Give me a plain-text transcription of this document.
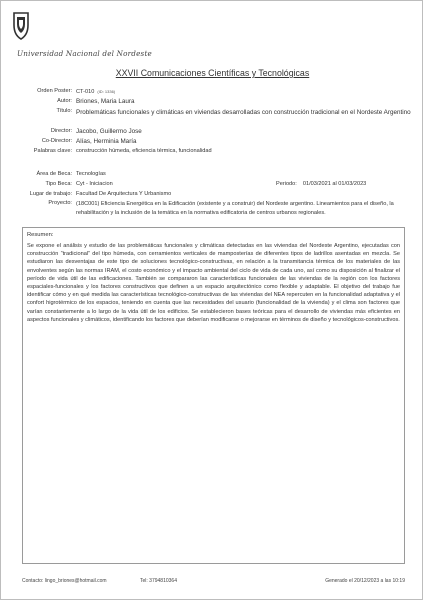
Universidad Nacional del Nordeste
XXVII Comunicaciones Científicas y Tecnológicas
Orden Poster: CT-010 (ID: 1336)
Autor: Briones, Maria Laura
Título: Problemáticas funcionales y climáticas en viviendas desarrolladas con construcción tradicional en el Nordeste Argentino
Director: Jacobo, Guillermo Jose
Co-Director: Alías, Herminia María
Palabras clave: construcción húmeda, eficiencia térmica, funcionalidad
Área de Beca: Tecnologías
Tipo Beca: Cyt - Iniciacion	Periodo: 01/03/2021 al 01/03/2023
Lugar de trabajo: Facultad De Arquitectura Y Urbanismo
Proyecto: (18C001) Eficiencia Energética en la Edificación (existente y a construir) del Nordeste argentino. Lineamientos para el diseño, la rehabilitación y la inclusión de la temática en la normativa edificatoria de centros urbanos regionales.
Resumen:
Se expone el análisis y estudio de las problemáticas funcionales y climáticas detectadas en las viviendas del Nordeste Argentino, ejecutadas con construcción “tradicional” del tipo húmeda, con cerramientos verticales de mamposterías de diferentes tipos de ladrillos asentadas en mezcla. Se estudiaron las desventajas de este tipo de soluciones tecnológico-constructivas, en relación a la transmitancia térmica de los materiales de las envolventes según las normas IRAM, el costo económico y el impacto ambiental del ciclo de vida de cada uno, así como su disposición al finalizar el período de vida útil de las edificaciones. También se compararon las características funcionales de las viviendas de la región con los factores espaciales-funcionales y los factores constructivos que definen a un espacio arquitectónico como flexible y adaptable. El objetivo del trabajo fue identificar cómo y en qué medida las características tecnológico-constructivas de las viviendas del NEA repercuten en la funcionalidad adaptativa y el confort higrotérmico de los espacios, teniendo en cuenta que las necesidades del usuario (funcionalidad de la vivienda) y el clima son factores que varían constantemente a lo largo de la vida útil de los edificios. Se establecieron bases teóricas para el desarrollo de viviendas más eficientes en aspectos funcionales y climáticos, identificando los factores que deberían modificarse o mejorarse en términos de diseño y tecnológicos-constructivos.
Contacto: lingo_briones@hotmail.com	Tel: 3794810364	Generado el 20/12/2023 a las 10:19
